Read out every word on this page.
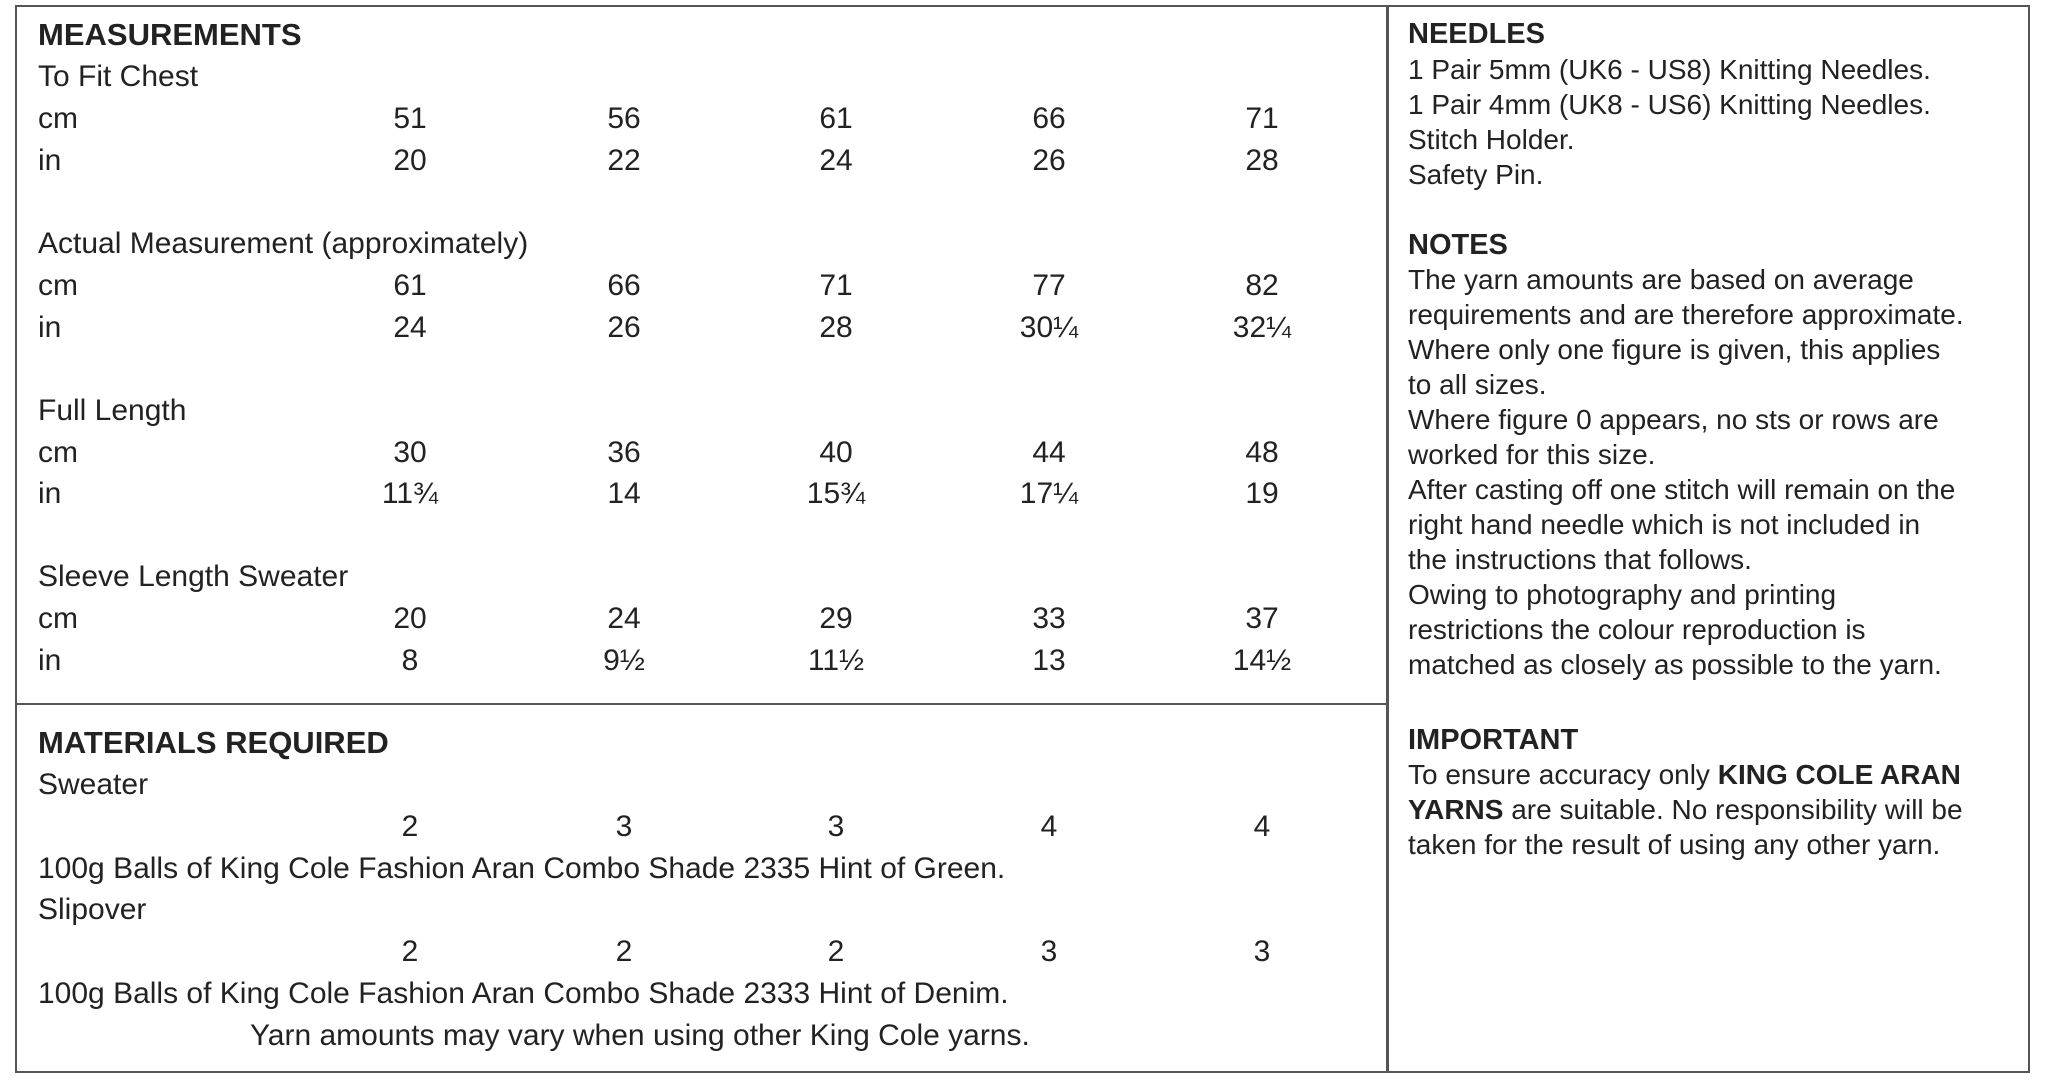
MEASUREMENTS
To Fit Chest
cm	51	56	61	66	71
in	20	22	24	26	28
Actual Measurement (approximately)
cm	61	66	71	77	82
in	24	26	28	30¼	32¼
Full Length
cm	30	36	40	44	48
in	11¾	14	15¾	17¼	19
Sleeve Length Sweater
cm	20	24	29	33	37
in	8	9½	11½	13	14½
MATERIALS REQUIRED
Sweater
2	3	3	4	4
100g Balls of King Cole Fashion Aran Combo Shade 2335 Hint of Green.
Slipover
2	2	2	3	3
100g Balls of King Cole Fashion Aran Combo Shade 2333 Hint of Denim.
Yarn amounts may vary when using other King Cole yarns.
NEEDLES
1 Pair 5mm (UK6 - US8) Knitting Needles.
1 Pair 4mm (UK8 - US6) Knitting Needles.
Stitch Holder.
Safety Pin.
NOTES
The yarn amounts are based on average
requirements and are therefore approximate.
Where only one figure is given, this applies
to all sizes.
Where figure 0 appears, no sts or rows are
worked for this size.
After casting off one stitch will remain on the
right hand needle which is not included in
the instructions that follows.
Owing to photography and printing
restrictions the colour reproduction is
matched as closely as possible to the yarn.
IMPORTANT
To ensure accuracy only KING COLE ARAN
YARNS are suitable. No responsibility will be
taken for the result of using any other yarn.
